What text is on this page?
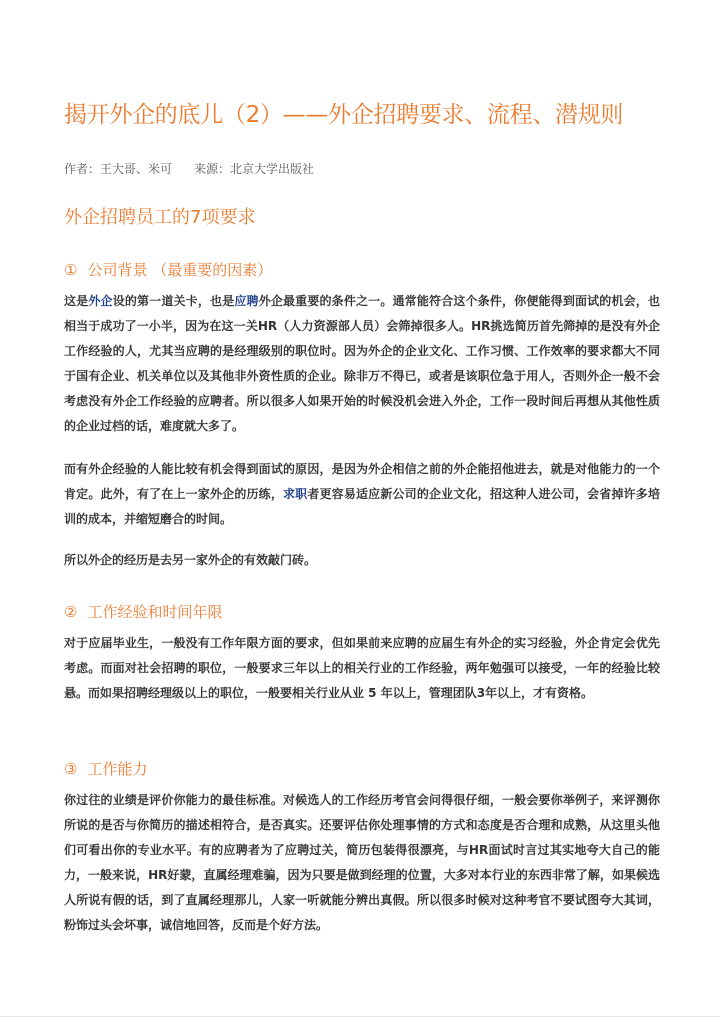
揭开外企的底儿（2）——外企招聘要求、流程、潜规则
作者：王大哥、米可 来源：北京大学出版社
外企招聘员工的7项要求
① 公司背景 （最重要的因素）
这是外企设的第一道关卡，也是应聘外企最重要的条件之一。通常能符合这个条件，你便能得到面试的机会，也相当于成功了一小半，因为在这一关HR（人力资源部人员）会筛掉很多人。HR挑选简历首先筛掉的是没有外企工作经验的人，尤其当应聘的是经理级别的职位时。因为外企的企业文化、工作习惯、工作效率的要求都大不同于国有企业、机关单位以及其他非外资性质的企业。除非万不得已，或者是该职位急于用人，否则外企一般不会考虑没有外企工作经验的应聘者。所以很多人如果开始的时候没机会进入外企，工作一段时间后再想从其他性质的企业过档的话，难度就大多了。
而有外企经验的人能比较有机会得到面试的原因，是因为外企相信之前的外企能招他进去，就是对他能力的一个肯定。此外，有了在上一家外企的历练，求职者更容易适应新公司的企业文化，招这种人进公司，会省掉许多培训的成本，并缩短磨合的时间。
所以外企的经历是去另一家外企的有效敲门砖。
② 工作经验和时间年限
对于应届毕业生，一般没有工作年限方面的要求，但如果前来应聘的应届生有外企的实习经验，外企肯定会优先考虑。而面对社会招聘的职位，一般要求三年以上的相关行业的工作经验，两年勉强可以接受，一年的经验比较悬。而如果招聘经理级以上的职位，一般要相关行业从业 5 年以上，管理团队3年以上，才有资格。
③ 工作能力
你过往的业绩是评价你能力的最佳标准。对候选人的工作经历考官会问得很仔细，一般会要你举例子，来评测你所说的是否与你简历的描述相符合，是否真实。还要评估你处理事情的方式和态度是否合理和成熟，从这里头他们可看出你的专业水平。有的应聘者为了应聘过关，简历包装得很漂亮，与HR面试时言过其实地夸大自己的能力，一般来说，HR好蒙，直属经理难骗，因为只要是做到经理的位置，大多对本行业的东西非常了解，如果候选人所说有假的话，到了直属经理那儿，人家一听就能分辨出真假。所以很多时候对这种考官不要试图夸大其词，粉饰过头会坏事，诚信地回答，反而是个好方法。
